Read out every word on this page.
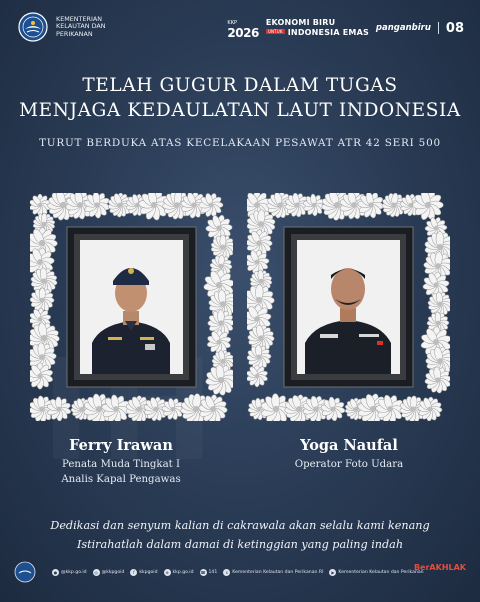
KEMENTERIAN KELAUTAN DAN PERIKANAN
KKP
2026
EKONOMI BIRU
UNTUK INDONESIA EMAS panganbiru 08
TELAH GUGUR DALAM TUGAS
MENJAGA KEDAULATAN LAUT INDONESIA
TURUT BERDUKA ATAS KECELAKAAN PESAWAT ATR 42 SERI 500
Ferry Irawan
Penata Muda Tingkat I
Analis Kapal Pengawas
Yoga Naufal
Operator Foto Udara
Dedikasi dan senyum kalian di cakrawala akan selalu kami kenang
Istirahatlah dalam damai di ketinggian yang paling indah
● @kkp.go.id	◎ @kkpgoid	f	kkpgoid	⊕ kkp.go.id ☎ 141	x Kementerian Kelautan dan Perikanan RI	▶ Kementerian Kelautan dan Perikanan
BerAKHLAK
